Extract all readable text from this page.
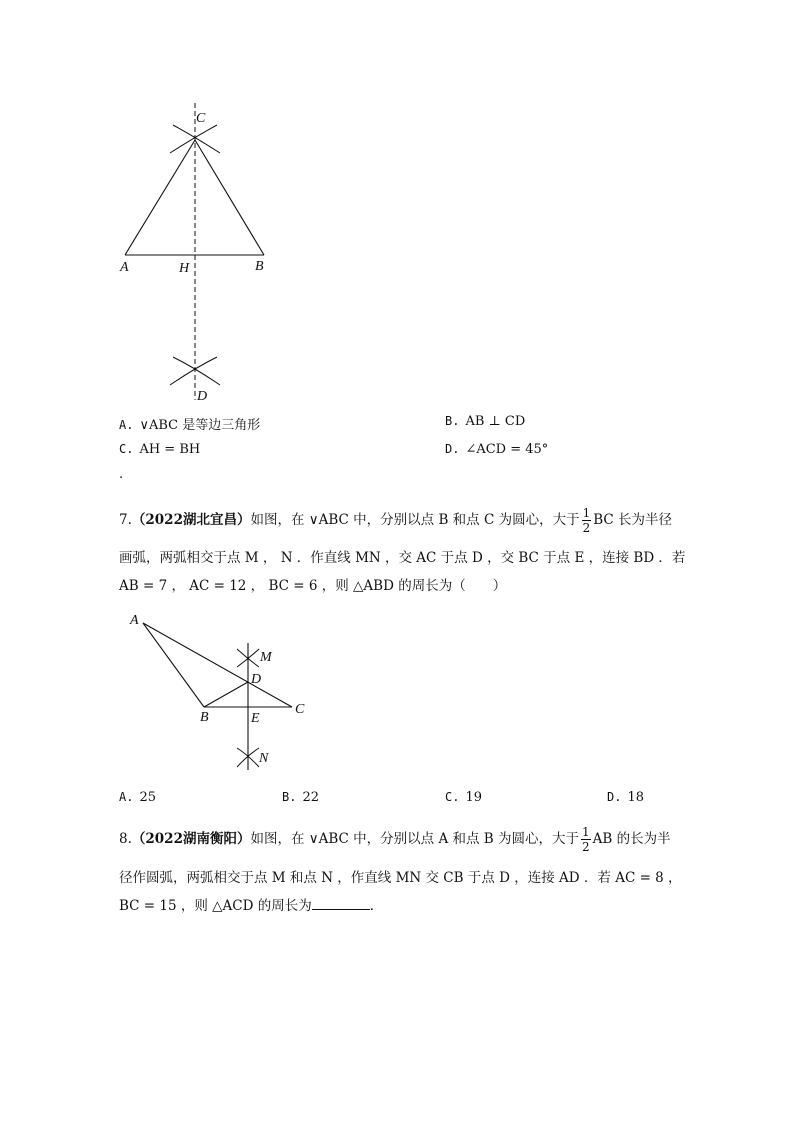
C
A	H	B
D
A. ∨ABC 是等边三角形	B. AB ⊥ CD
C. AH = BH	D. ∠ACD = 45°
.
7.（2022湖北宜昌）如图，在 ∨ABC 中，分别以点 B 和点 C 为圆心，大于 $\frac{1}{2}$ BC 长为半径
画弧，两弧相交于点 M ， N ．作直线 MN ，交 AC 于点 D ，交 BC 于点 E ，连接 BD ．若
AB = 7 ， AC = 12 ， BC = 6 ，则 △ABD 的周长为（　　）
A
M
D
B	E
C
N
A. 25	B. 22	C. 19	D. 18
8.（2022湖南衡阳）如图，在 ∨ABC 中，分别以点 A 和点 B 为圆心，大于 $\frac{1}{2}$ AB 的长为半
径作圆弧，两弧相交于点 M 和点 N ，作直线 MN 交 CB 于点 D ，连接 AD ．若 AC = 8 ，
BC = 15 ，则 △ACD 的周长为	．
